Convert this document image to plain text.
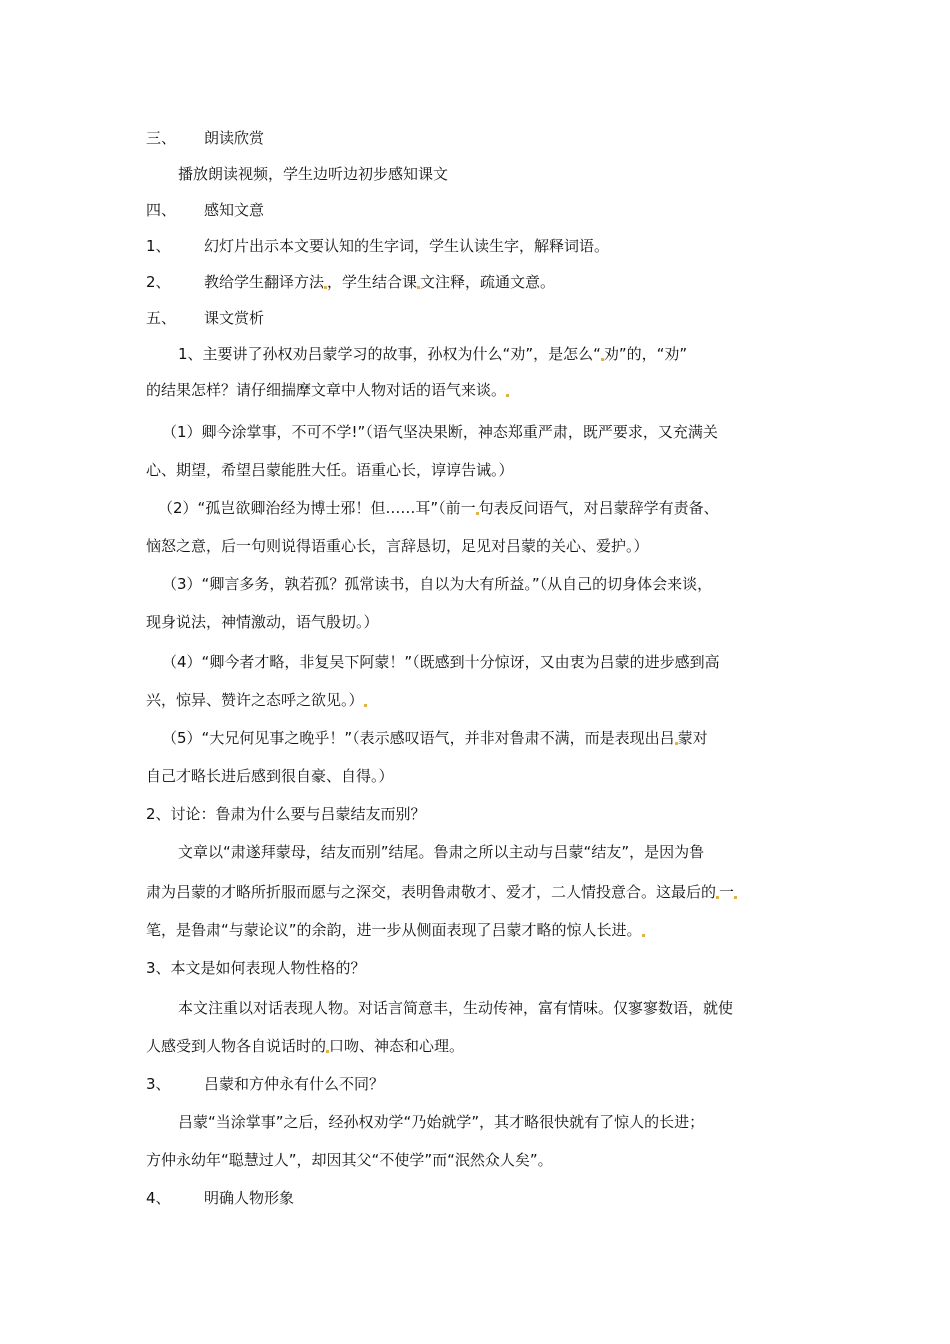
三、 朗读欣赏
播放朗读视频，学生边听边初步感知课文
四、 感知文意
1、 幻灯片出示本文要认知的生字词，学生认读生字，解释词语。
2、 教给学生翻译方法 ，学生结合课 文注释，疏通文意。
五、 课文赏析
1、主要讲了孙权劝吕蒙学习的故事，孙权为什么“劝”，是怎么“ 劝”的，“劝”
的结果怎样？请仔细揣摩文章中人物对话的语气来谈。
（1）卿今涂掌事，不可不学!”（语气坚决果断，神态郑重严肃，既严要求，又充满关
心、期望，希望吕蒙能胜大任。语重心长，谆谆告诫。）
（2）“孤岂欲卿治经为博士邪！但……耳”（前一 句表反问语气，对吕蒙辞学有责备、
恼怒之意，后一句则说得语重心长，言辞恳切，足见对吕蒙的关心、爱护。）
（3）“卿言多务，孰若孤？孤常读书，自以为大有所益。”（从自己的切身体会来谈，
现身说法，神情激动，语气殷切。）
（4）“卿今者才略，非复吴下阿蒙！”（既感到十分惊讶，又由衷为吕蒙的进步感到高
兴，惊异、赞许之态呼之欲见。）
（5）“大兄何见事之晚乎！”（表示感叹语气，并非对鲁肃不满，而是表现出吕 蒙对
自己才略长进后感到很自豪、自得。）
2、讨论：鲁肃为什么要与吕蒙结友而别？
文章以“肃遂拜蒙母，结友而别”结尾。鲁肃之所以主动与吕蒙“结友”，是因为鲁
肃为吕蒙的才略所折服而愿与之深交，表明鲁肃敬才、爱才，二人情投意合。这最后的 一
笔，是鲁肃“与蒙论议”的余韵，进一步从侧面表现了吕蒙才略的惊人长进。
3、本文是如何表现人物性格的？
本文注重以对话表现人物。对话言简意丰，生动传神，富有情味。仅寥寥数语，就使
人感受到人物各自说话时的 口吻、神态和心理。
3、 吕蒙和方仲永有什么不同？
吕蒙“当涂掌事”之后，经孙权劝学“乃始就学”，其才略很快就有了惊人的长进；
方仲永幼年“聪慧过人”，却因其父“不使学”而“泯然众人矣”。
4、 明确人物形象
